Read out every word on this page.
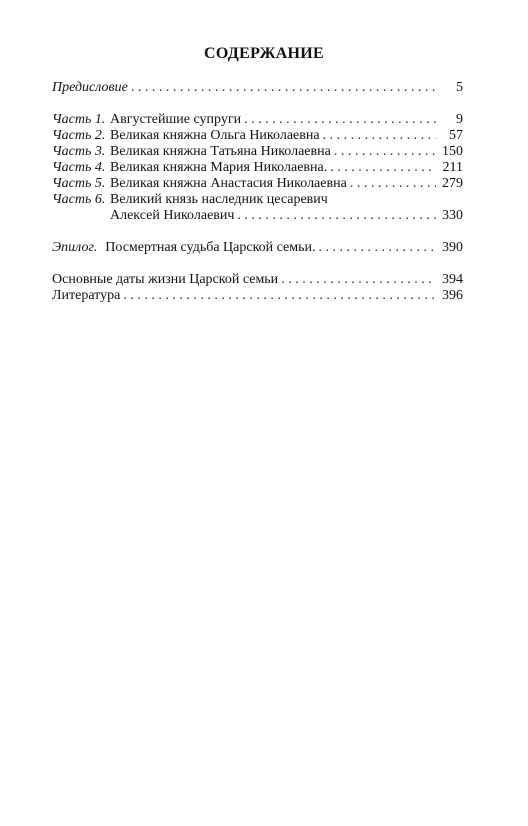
СОДЕРЖАНИЕ
Предисловие . . .	5
Часть 1. Августейшие супруги . . .	9
Часть 2. Великая княжна Ольга Николаевна . . .	57
Часть 3. Великая княжна Татьяна Николаевна . . .	150
Часть 4. Великая княжна Мария Николаевна. . . .	211
Часть 5. Великая княжна Анастасия Николаевна . . .	279
Часть 6. Великий князь наследник цесаревич
Алексей Николаевич . . .	330
Эпилог. Посмертная судьба Царской семьи. . . .	390
Основные даты жизни Царской семьи . . .	394
Литература . . .	396
